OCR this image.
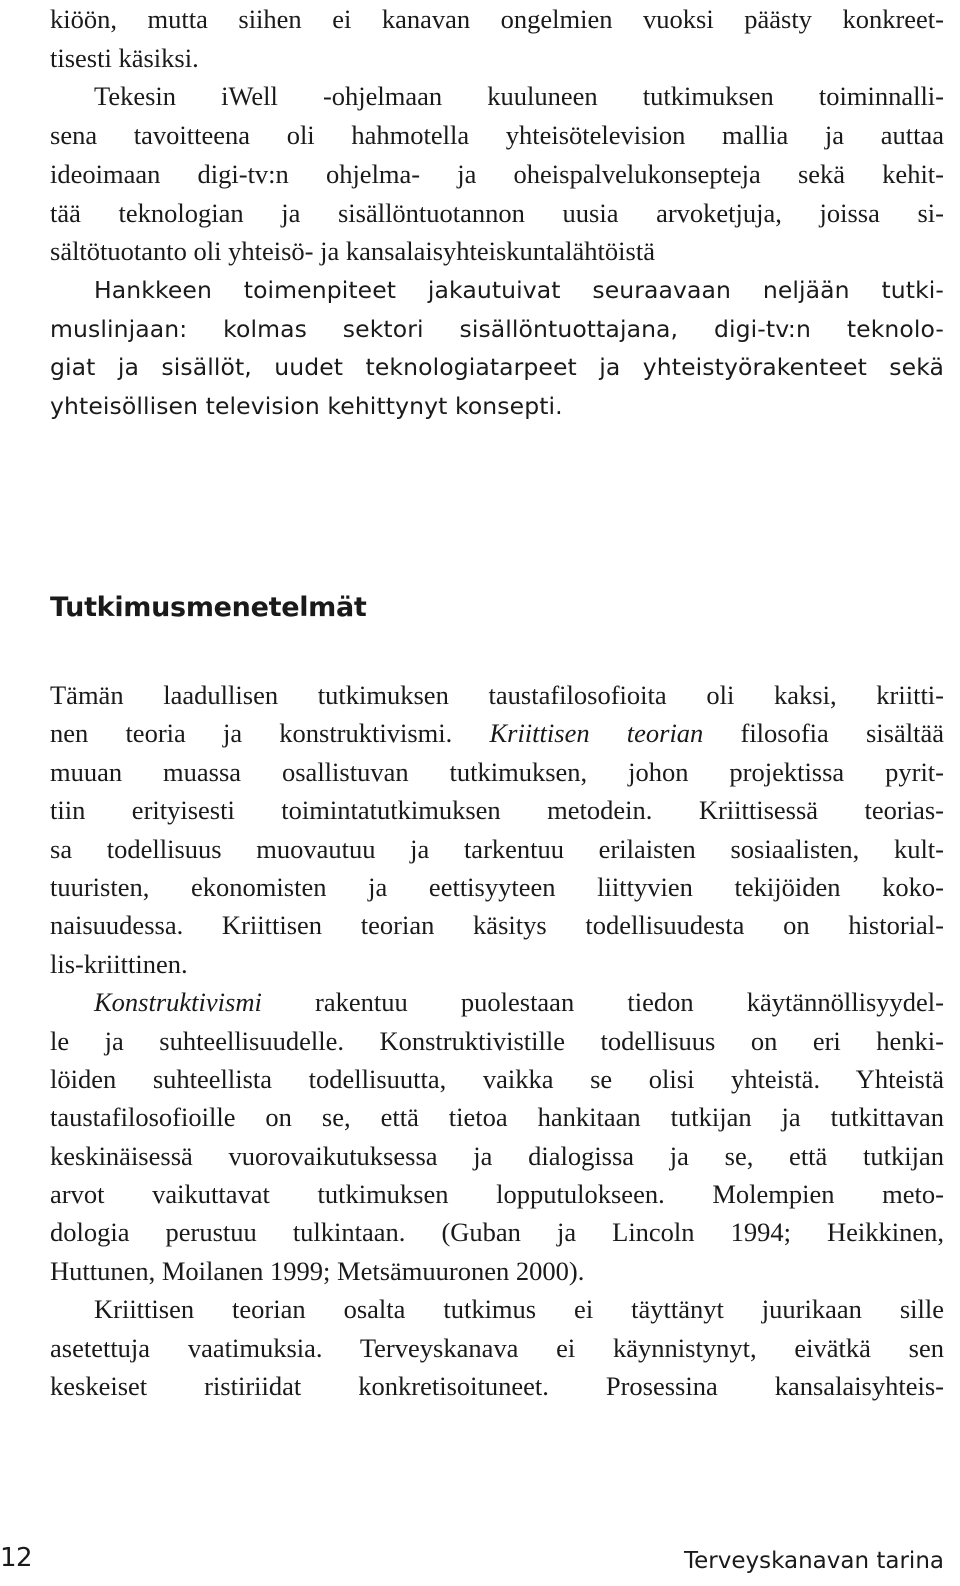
kiöön, mutta siihen ei kanavan ongelmien vuoksi päästy konkreet-
tisesti käsiksi.
Tekesin iWell -ohjelmaan kuuluneen tutkimuksen toiminnalli-
sena tavoitteena oli hahmotella yhteisötelevision mallia ja auttaa
ideoimaan digi-tv:n ohjelma- ja oheispalvelukonsepteja sekä kehit-
tää teknologian ja sisällöntuotannon uusia arvoketjuja, joissa si-
sältötuotanto oli yhteisö- ja kansalaisyhteiskuntalähtöistä
Hankkeen toimenpiteet jakautuivat seuraavaan neljään tutki-
muslinjaan: kolmas sektori sisällöntuottajana, digi-tv:n teknolo-
giat ja sisällöt, uudet teknologiatarpeet ja yhteistyörakenteet sekä
yhteisöllisen television kehittynyt konsepti.
Tutkimusmenetelmät
Tämän laadullisen tutkimuksen taustafilosofioita oli kaksi, kriitti-
nen teoria ja konstruktivismi. Kriittisen teorian filosofia sisältää
muuan muassa osallistuvan tutkimuksen, johon projektissa pyrit-
tiin erityisesti toimintatutkimuksen metodein. Kriittisessä teorias-
sa todellisuus muovautuu ja tarkentuu erilaisten sosiaalisten, kult-
tuuristen, ekonomisten ja eettisyyteen liittyvien tekijöiden koko-
naisuudessa. Kriittisen teorian käsitys todellisuudesta on historial-
lis-kriittinen.
Konstruktivismi rakentuu puolestaan tiedon käytännöllisyydel-
le ja suhteellisuudelle. Konstruktivistille todellisuus on eri henki-
löiden suhteellista todellisuutta, vaikka se olisi yhteistä. Yhteistä
taustafilosofioille on se, että tietoa hankitaan tutkijan ja tutkittavan
keskinäisessä vuorovaikutuksessa ja dialogissa ja se, että tutkijan
arvot vaikuttavat tutkimuksen lopputulokseen. Molempien meto-
dologia perustuu tulkintaan. (Guban ja Lincoln 1994; Heikkinen,
Huttunen, Moilanen 1999; Metsämuuronen 2000).
Kriittisen teorian osalta tutkimus ei täyttänyt juurikaan sille
asetettuja vaatimuksia. Terveyskanava ei käynnistynyt, eivätkä sen
keskeiset ristiriidat konkretisoituneet. Prosessina kansalaisyhteis-
12	Terveyskanavan tarina
